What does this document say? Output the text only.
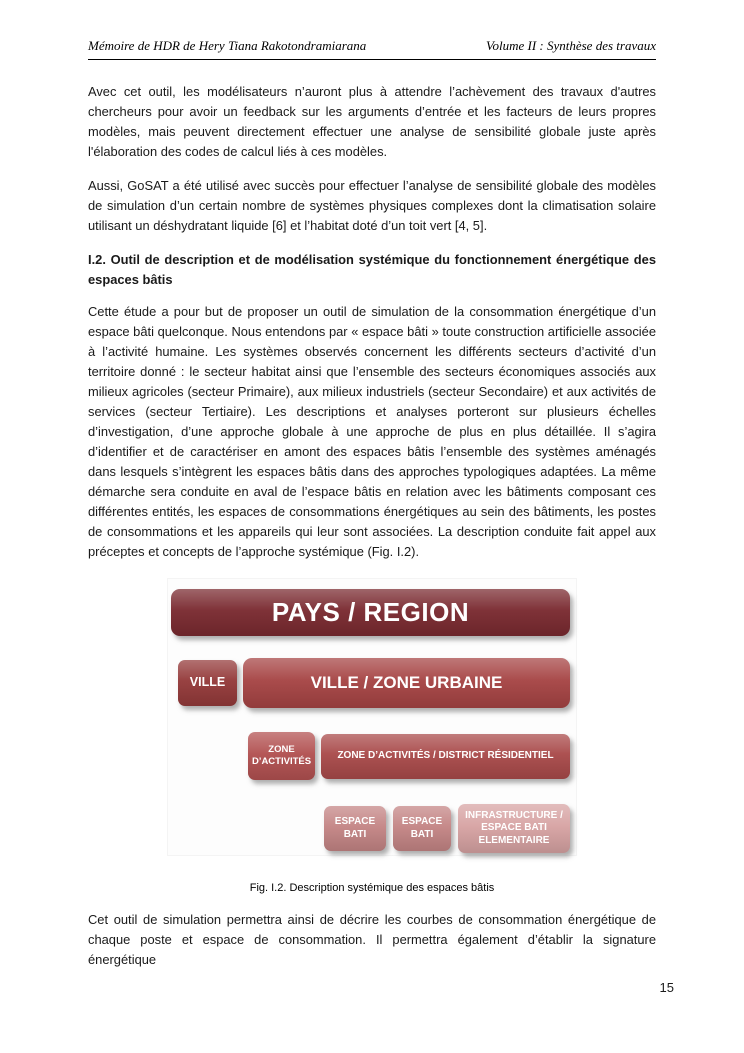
Mémoire de HDR de Hery Tiana Rakotondramiarana	Volume II : Synthèse des travaux

Avec cet outil, les modélisateurs n’auront plus à attendre l’achèvement des travaux d'autres chercheurs pour avoir un feedback sur les arguments d’entrée et les facteurs de leurs propres modèles, mais peuvent directement effectuer une analyse de sensibilité globale juste après l'élaboration des codes de calcul liés à ces modèles.

Aussi, GoSAT a été utilisé avec succès pour effectuer l’analyse de sensibilité globale des modèles de simulation d’un certain nombre de systèmes physiques complexes dont la climatisation solaire utilisant un déshydratant liquide [6] et l’habitat doté d’un toit vert [4, 5].

I.2. Outil de description et de modélisation systémique du fonctionnement énergétique des espaces bâtis

Cette étude a pour but de proposer un outil de simulation de la consommation énergétique d’un espace bâti quelconque. Nous entendons par « espace bâti » toute construction artificielle associée à l’activité humaine. Les systèmes observés concernent les différents secteurs d’activité d’un territoire donné : le secteur habitat ainsi que l’ensemble des secteurs économiques associés aux milieux agricoles (secteur Primaire), aux milieux industriels (secteur Secondaire) et aux activités de services (secteur Tertiaire). Les descriptions et analyses porteront sur plusieurs échelles d’investigation, d’une approche globale à une approche de plus en plus détaillée. Il s’agira d’identifier et de caractériser en amont des espaces bâtis l’ensemble des systèmes aménagés dans lesquels s’intègrent les espaces bâtis dans des approches typologiques adaptées. La même démarche sera conduite en aval de l’espace bâtis en relation avec les bâtiments composant ces différentes entités, les espaces de consommations énergétiques au sein des bâtiments, les postes de consommations et les appareils qui leur sont associées. La description conduite fait appel aux préceptes et concepts de l’approche systémique (Fig. I.2).

PAYS / REGION
VILLE	VILLE / ZONE URBAINE
ZONE D’ACTIVITÉS
ZONE D’ACTIVITÉS / DISTRICT RÉSIDENTIEL
ESPACE BATI
ESPACE BATI
INFRASTRUCTURE / ESPACE BATI ELEMENTAIRE
Fig. I.2. Description systémique des espaces bâtis

Cet outil de simulation permettra ainsi de décrire les courbes de consommation énergétique de chaque poste et espace de consommation. Il permettra également d’établir la signature énergétique

15
